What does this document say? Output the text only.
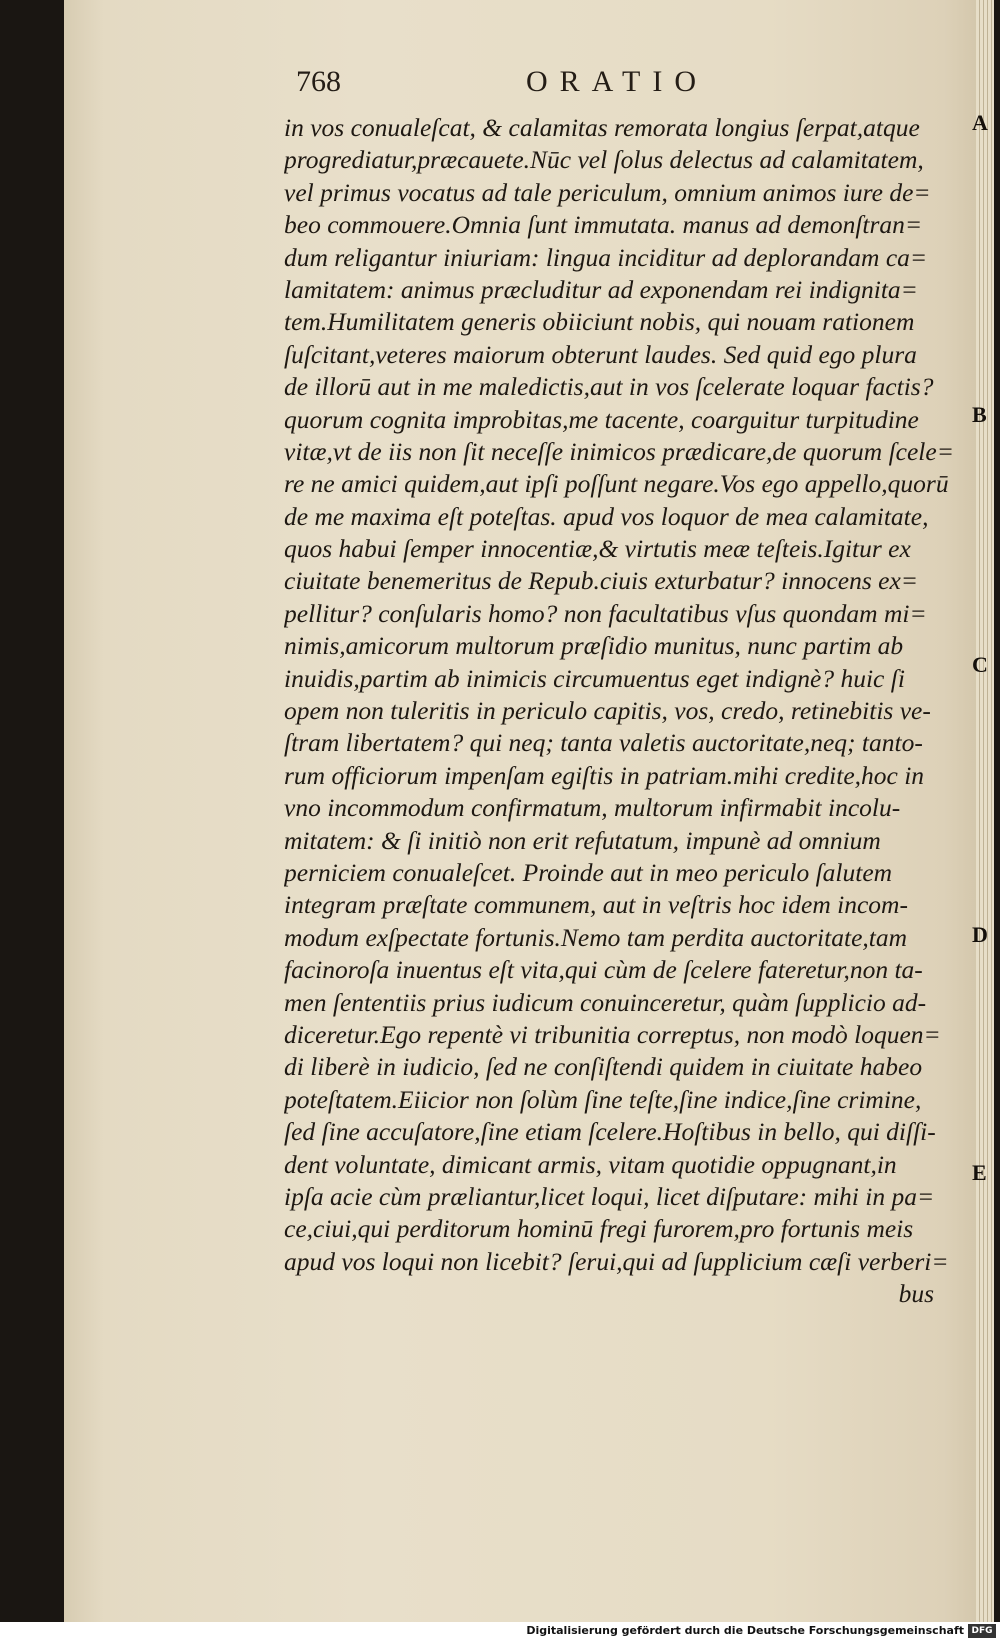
768	ORATIO
in vos conualeſcat, & calamitas remorata longius ſerpat,atque
progrediatur,præcauete.Nūc vel ſolus delectus ad calamitatem,
vel primus vocatus ad tale periculum, omnium animos iure de=
beo commouere.Omnia ſunt immutata. manus ad demonſtran=
dum religantur iniuriam: lingua inciditur ad deplorandam ca=
lamitatem: animus præcluditur ad exponendam rei indignita=
tem.Humilitatem generis obiiciunt nobis, qui nouam rationem
ſuſcitant,veteres maiorum obterunt laudes. Sed quid ego plura
de illorū aut in me maledictis,aut in vos ſcelerate loquar factis?
quorum cognita improbitas,me tacente, coarguitur turpitudine
vitæ,vt de iis non ſit neceſſe inimicos prædicare,de quorum ſcele=
re ne amici quidem,aut ipſi poſſunt negare.Vos ego appello,quorū
de me maxima eſt poteſtas. apud vos loquor de mea calamitate,
quos habui ſemper innocentiæ,& virtutis meæ teſteis.Igitur ex
ciuitate benemeritus de Repub.ciuis exturbatur? innocens ex=
pellitur? conſularis homo? non facultatibus vſus quondam mi=
nimis,amicorum multorum præſidio munitus, nunc partim ab
inuidis,partim ab inimicis circumuentus eget indignè? huic ſi
opem non tuleritis in periculo capitis, vos, credo, retinebitis ve-
ſtram libertatem? qui neq; tanta valetis auctoritate,neq; tanto-
rum officiorum impenſam egiſtis in patriam.mihi credite,hoc in
vno incommodum confirmatum, multorum infirmabit incolu-
mitatem: & ſi initiò non erit refutatum, impunè ad omnium
perniciem conualeſcet. Proinde aut in meo periculo ſalutem
integram præſtate communem, aut in veſtris hoc idem incom-
modum exſpectate fortunis.Nemo tam perdita auctoritate,tam
facinoroſa inuentus eſt vita,qui cùm de ſcelere fateretur,non ta-
men ſententiis prius iudicum conuinceretur, quàm ſupplicio ad-
diceretur.Ego repentè vi tribunitia correptus, non modò loquen=
di liberè in iudicio, ſed ne conſiſtendi quidem in ciuitate habeo
poteſtatem.Eiicior non ſolùm ſine teſte,ſine indice,ſine crimine,
ſed ſine accuſatore,ſine etiam ſcelere.Hoſtibus in bello, qui diſſi-
dent voluntate, dimicant armis, vitam quotidie oppugnant,in
ipſa acie cùm præliantur,licet loqui, licet diſputare: mihi in pa=
ce,ciui,qui perditorum hominū fregi furorem,pro fortunis meis
apud vos loqui non licebit? ſerui,qui ad ſupplicium cæſi verberi=
bus
A
B
C
D
E
Digitalisierung gefördert durch die Deutsche Forschungsgemeinschaft DFG
